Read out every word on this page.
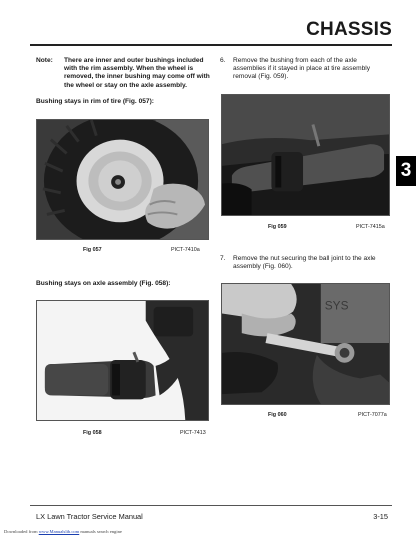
CHASSIS
3
Note: There are inner and outer bushings included with the rim assembly. When the wheel is removed, the inner bushing may come off with the wheel or stay on the axle assembly.
Bushing stays in rim of tire (Fig. 057):
Fig 057	PICT-7410a
Bushing stays on axle assembly (Fig. 058):
Fig 058	PICT-7413
6. Remove the bushing from each of the axle assemblies if it stayed in place at tire assembly removal (Fig. 059).
Fig 059	PICT-7415a
7. Remove the nut securing the ball joint to the axle assembly (Fig. 060).
SYS
Fig 060	PICT-7077a
LX Lawn Tractor Service Manual	3-15
Downloaded from www.Manualslib.com manuals search engine
